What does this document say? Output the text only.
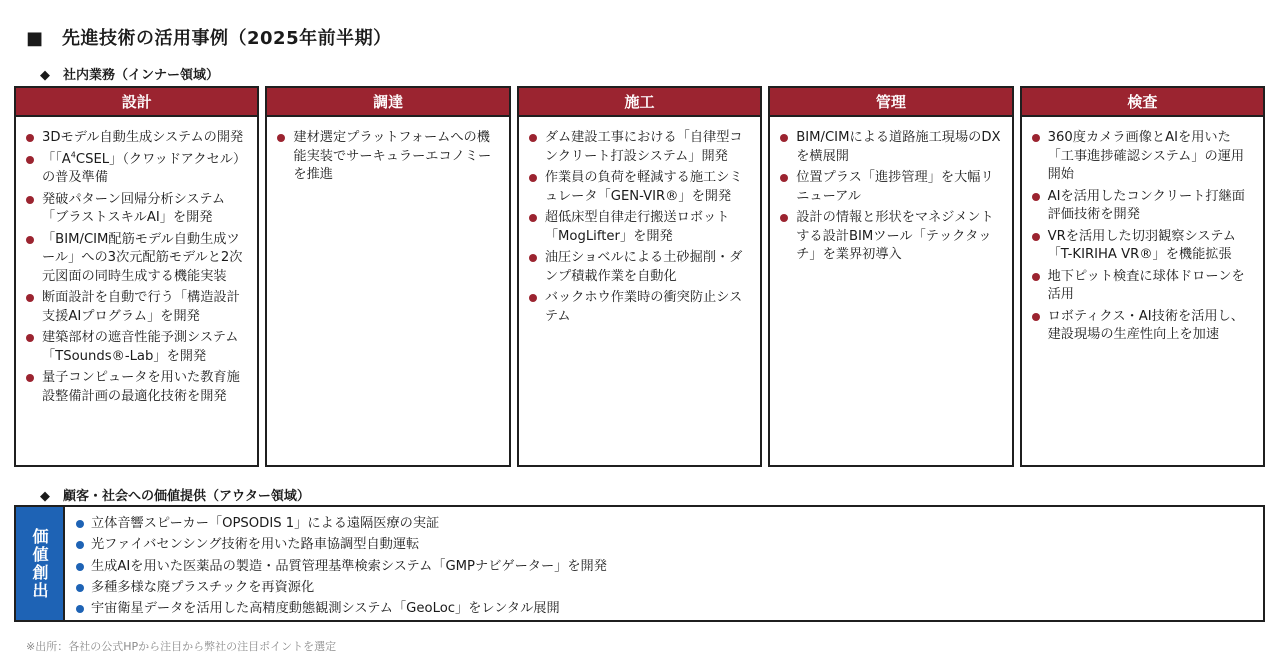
■　先進技術の活用事例（2025年前半期）
◆　社内業務（インナー領域）
設計
3Dモデル自動生成システムの開発
「「$A^4CSEL$」（クワッドアクセル）の普及準備
発破パターン回帰分析システム「ブラストスキルAI」を開発
「BIM/CIM配筋モデル自動生成ツール」への3次元配筋モデルと2次元図面の同時生成する機能実装
断面設計を自動で行う「構造設計支援AIプログラム」を開発
建築部材の遮音性能予測システム「TSounds®-Lab」を開発
量子コンピュータを用いた教育施設整備計画の最適化技術を開発
調達
建材選定プラットフォームへの機能実装でサーキュラーエコノミーを推進
施工
ダム建設工事における「自律型コンクリート打設システム」開発
作業員の負荷を軽減する施工シミュレータ「GEN-VIR®」を開発
超低床型自律走行搬送ロボット「MogLifter」を開発
油圧ショベルによる土砂掘削・ダンプ積載作業を自動化
バックホウ作業時の衝突防止システム
管理
BIM/CIMによる道路施工現場のDXを横展開
位置プラス「進捗管理」を大幅リニューアル
設計の情報と形状をマネジメントする設計BIMツール「テックタッチ」を業界初導入
検査
360度カメラ画像とAIを用いた「工事進捗確認システム」の運用開始
AIを活用したコンクリート打継面評価技術を開発
VRを活用した切羽観察システム「T-KIRIHA VR®」を機能拡張
地下ピット検査に球体ドローンを活用
ロボティクス・AI技術を活用し、建設現場の生産性向上を加速
◆　顧客・社会への価値提供（アウター領域）
価値創出
立体音響スピーカー「OPSODIS 1」による遠隔医療の実証
光ファイバセンシング技術を用いた路車協調型自動運転
生成AIを用いた医薬品の製造・品質管理基準検索システム「GMPナビゲーター」を開発
多種多様な廃プラスチックを再資源化
宇宙衛星データを活用した高精度動態観測システム「GeoLoc」をレンタル展開
※出所：各社の公式HPから注目から弊社の注目ポイントを選定
